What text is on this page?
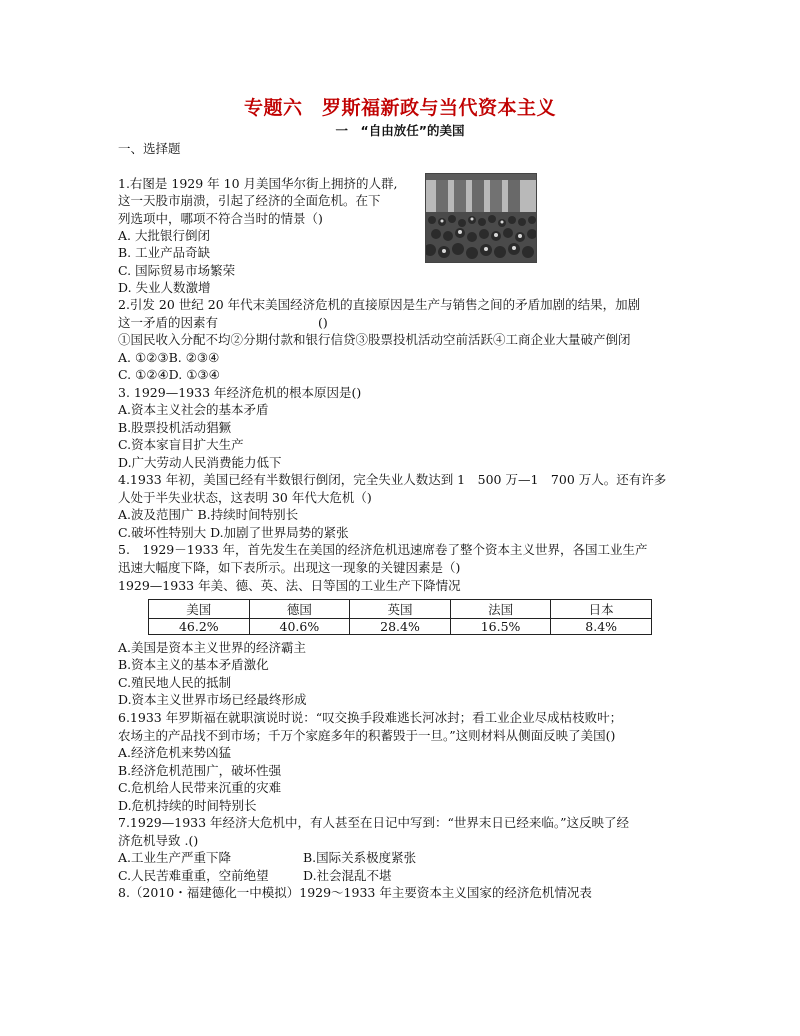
专题六　罗斯福新政与当代资本主义
一　“自由放任”的美国
一、选择题
1.右图是 1929 年 10 月美国华尔街上拥挤的人群,
这一天股市崩溃，引起了经济的全面危机。在下
列选项中，哪项不符合当时的情景（)
A. 大批银行倒闭
B. 工业产品奇缺
C. 国际贸易市场繁荣
D. 失业人数激增
2.引发 20 世纪 20 年代末美国经济危机的直接原因是生产与销售之间的矛盾加剧的结果，加剧
这一矛盾的因素有　　　　　　　　()
①国民收入分配不均②分期付款和银行信贷③股票投机活动空前活跃④工商企业大量破产倒闭
A. ①②③B. ②③④
C. ①②④D. ①③④
3. 1929—1933 年经济危机的根本原因是()
A.资本主义社会的基本矛盾
B.股票投机活动猖獗
C.资本家盲目扩大生产
D.广大劳动人民消费能力低下
4.1933 年初，美国已经有半数银行倒闭，完全失业人数达到 1　500 万—1　700 万人。还有许多
人处于半失业状态，这表明 30 年代大危机（)
A.波及范围广 B.持续时间特别长
C.破坏性特别大 D.加剧了世界局势的紧张
5.　1929－1933 年，首先发生在美国的经济危机迅速席卷了整个资本主义世界，各国工业生产
迅速大幅度下降，如下表所示。出现这一现象的关键因素是（)
1929—1933 年美、德、英、法、日等国的工业生产下降情况
美国	德国	英国	法国	日本
46.2%	40.6%	28.4%	16.5%	8.4%
A.美国是资本主义世界的经济霸主
B.资本主义的基本矛盾激化
C.殖民地人民的抵制
D.资本主义世界市场已经最终形成
6.1933 年罗斯福在就职演说时说：“叹交换手段难逃长河冰封；看工业企业尽成枯枝败叶；
农场主的产品找不到市场；千万个家庭多年的积蓄毁于一旦。”这则材料从侧面反映了美国()
A.经济危机来势凶猛
B.经济危机范围广，破坏性强
C.危机给人民带来沉重的灾难
D.危机持续的时间特别长
7.1929—1933 年经济大危机中，有人甚至在日记中写到：“世界末日已经来临。”这反映了经
济危机导致 .()
A.工业生产严重下降	B.国际关系极度紧张
C.人民苦难重重，空前绝望	D.社会混乱不堪
8.（2010・福建德化一中模拟）1929～1933 年主要资本主义国家的经济危机情况表
